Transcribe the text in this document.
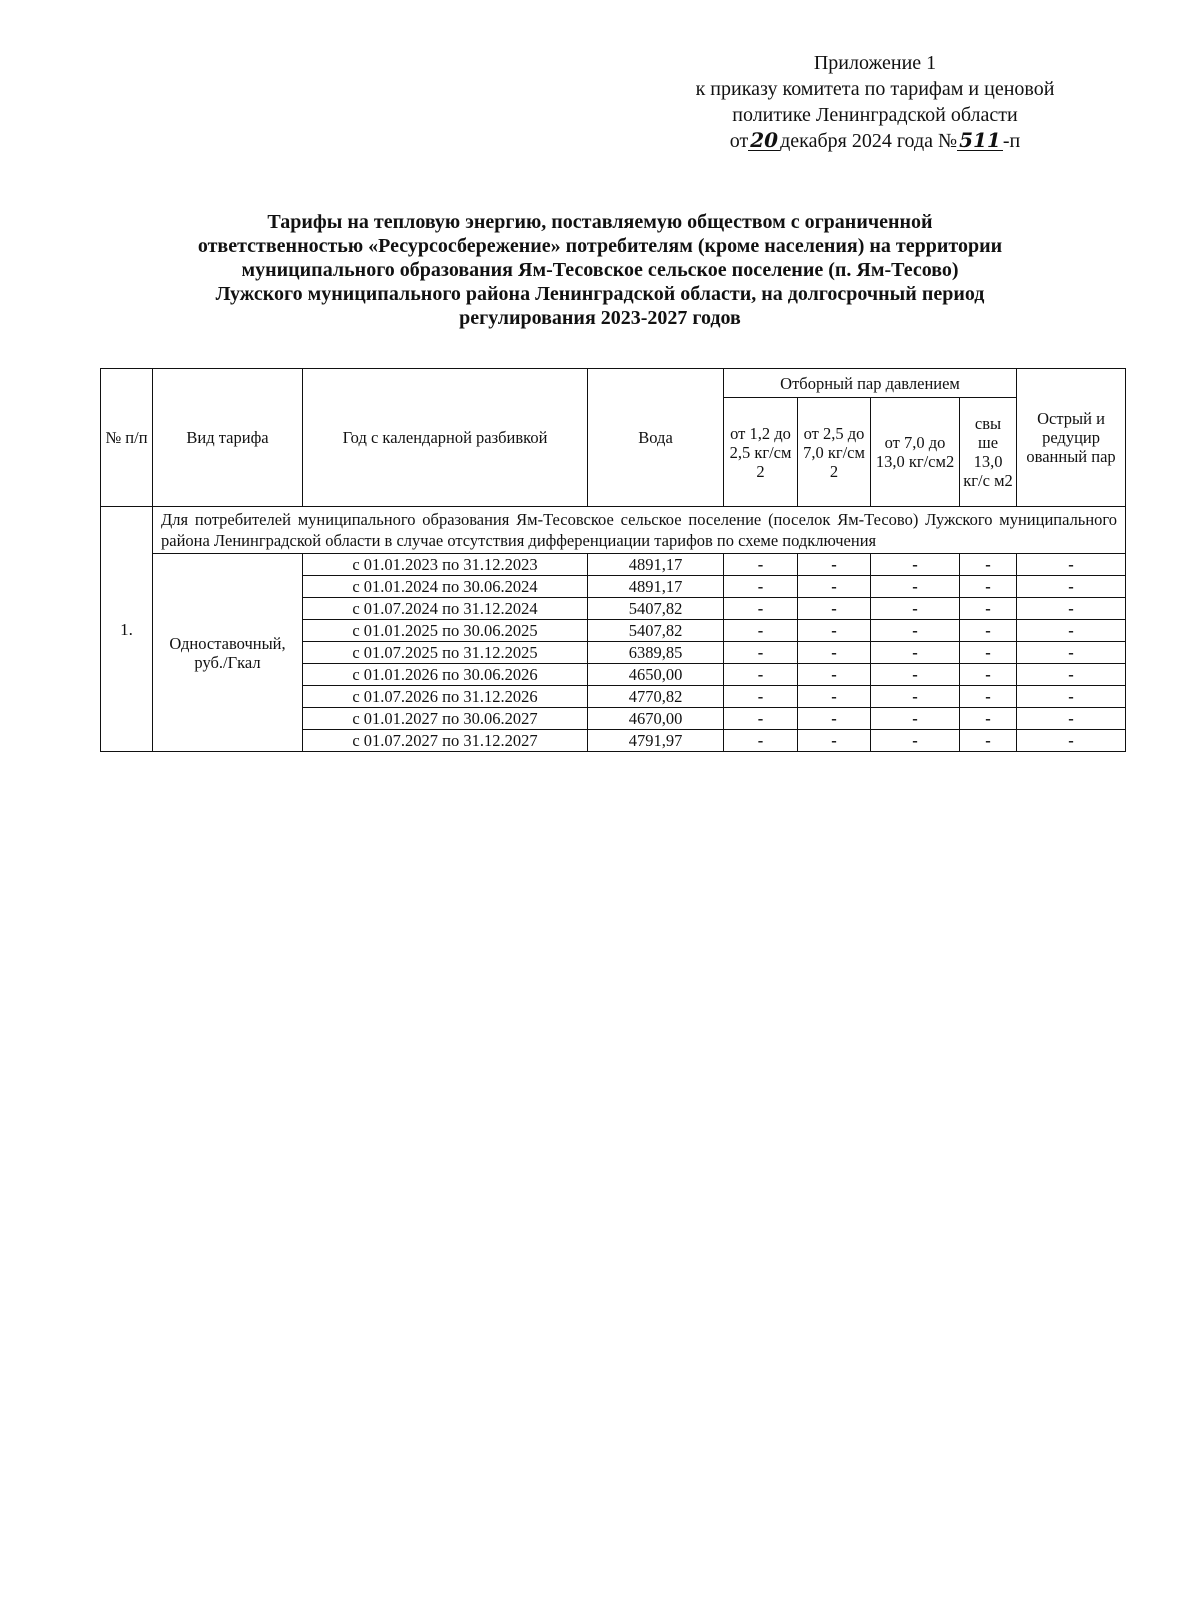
Приложение 1
к приказу комитета по тарифам и ценовой
политике Ленинградской области
от 20 декабря 2024 года № 511 -п
Тарифы на тепловую энергию, поставляемую обществом с ограниченной
ответственностью «Ресурсосбережение» потребителям (кроме населения) на территории
муниципального образования Ям-Тесовское сельское поселение (п. Ям-Тесово)
Лужского муниципального района Ленинградской области, на долгосрочный период
регулирования 2023-2027 годов
№ п/п	Вид тарифа	Год с календарной разбивкой	Вода	Отборный пар давлением				Острый и редуцир ованный пар
				от 1,2 до 2,5 кг/см 2	от 2,5 до 7,0 кг/см 2	от 7,0 до 13,0 кг/см2	свы ше 13,0 кг/с м2	
1.	Для потребителей муниципального образования Ям-Тесовское сельское поселение (поселок Ям-Тесово) Лужского муниципального района Ленинградской области в случае отсутствия дифференциации тарифов по схеме подключения							
	Одноставочный, руб./Гкал	с 01.01.2023 по 31.12.2023	4891,17	-	-	-	-	-
		с 01.01.2024 по 30.06.2024	4891,17	-	-	-	-	-
		с 01.07.2024 по 31.12.2024	5407,82	-	-	-	-	-
		с 01.01.2025 по 30.06.2025	5407,82	-	-	-	-	-
		с 01.07.2025 по 31.12.2025	6389,85	-	-	-	-	-
		с 01.01.2026 по 30.06.2026	4650,00	-	-	-	-	-
		с 01.07.2026 по 31.12.2026	4770,82	-	-	-	-	-
		с 01.01.2027 по 30.06.2027	4670,00	-	-	-	-	-
		с 01.07.2027 по 31.12.2027	4791,97	-	-	-	-	-
